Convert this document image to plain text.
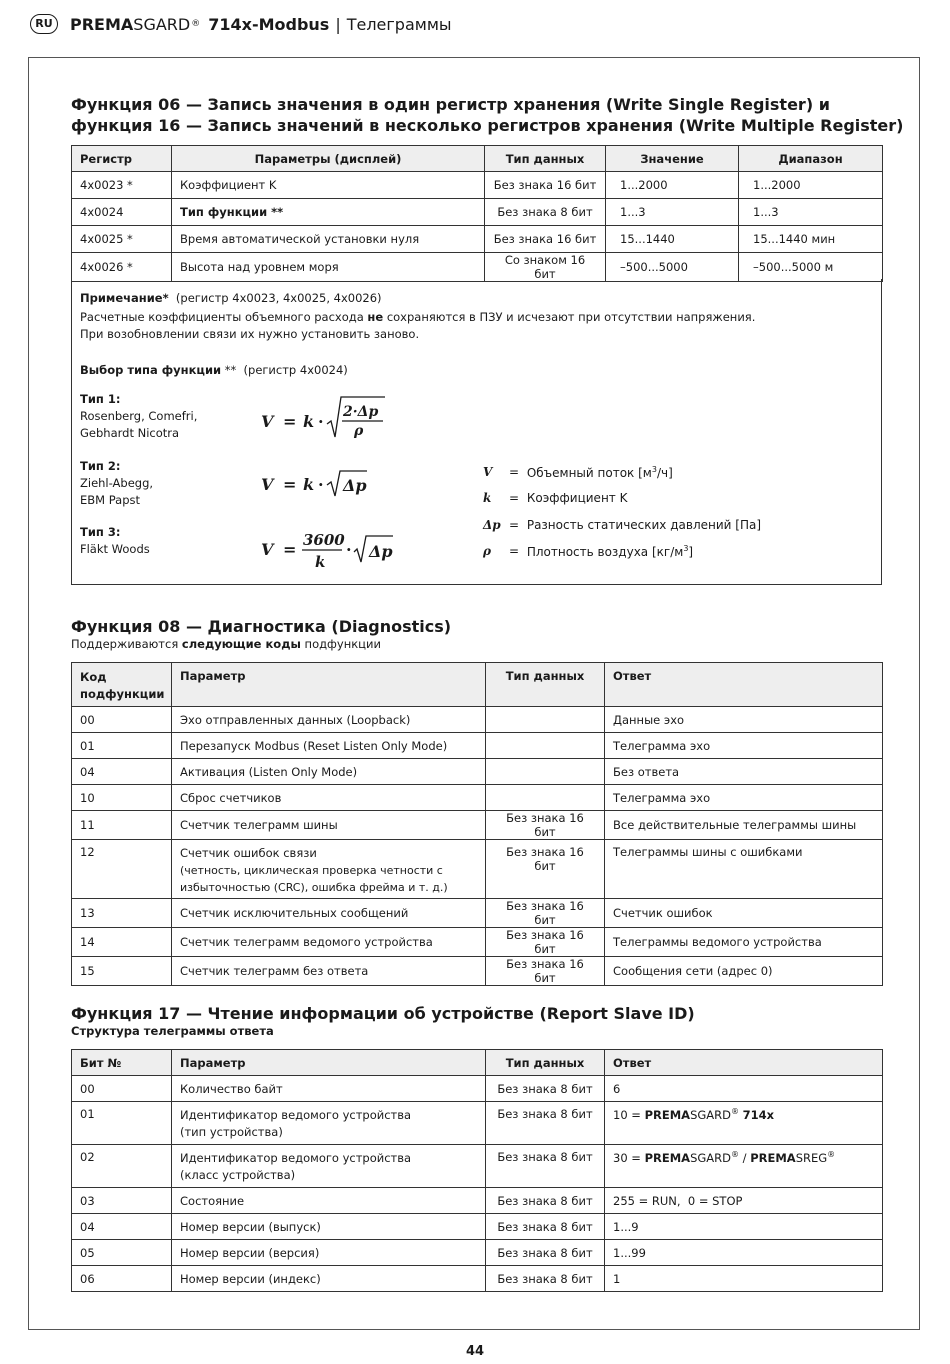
RU	PREMA SGARD ® 714x-Modbus | Телеграммы
Функция 06 — Запись значения в один регистр хранения (Write Single Register) и
функция 16 — Запись значений в несколько регистров хранения (Write Multiple Register)
Регистр	Параметры (дисплей)	Тип данных	Значение	Диапазон
4x0023 *	Коэффициент K	Без знака 16 бит	1...2000	1...2000
4x0024	Тип функции **	Без знака 8 бит	1...3	1...3
4x0025 *	Время автоматической установки нуля	Без знака 16 бит	15...1440	15...1440 мин
4x0026 *	Высота над уровнем моря	Со знаком 16 бит	–500...5000	–500...5000 м
Примечание* (регистр 4x0023, 4x0025, 4x0026)
Расчетные коэффициенты объемного расхода не сохраняются в ПЗУ и исчезают при отсутствии напряжения.
При возобновлении связи их нужно установить заново.
Выбор типа функции ** (регистр 4x0024)
Тип 1:
Rosenberg, Comefri,
Gebhardt Nicotra
Тип 2:
Ziehl-Abegg,
EBM Papst
Тип 3:
Fläkt Woods
V = k · 2·Δp
ρ
V = k · Δp
V = 3600
k
· Δp
V	= Объемный поток $[м^3/ч]$
k	= Коэффициент K
Δp = Разность статических давлений [Па]
ρ	= Плотность воздуха $[кг/м^3]$
Функция 08 — Диагностика (Diagnostics)
Поддерживаются следующие коды подфункции
Код
подфункции	Параметр	Тип данных	Ответ
00	Эхо отправленных данных (Loopback)		Данные эхо
01	Перезапуск Modbus (Reset Listen Only Mode)		Телеграмма эхо
04	Активация (Listen Only Mode)		Без ответа
10	Сброс счетчиков		Телеграмма эхо
11	Счетчик телеграмм шины	Без знака 16 бит	Все действительные телеграммы шины
12	Счетчик ошибок связи
(четность, циклическая проверка четности с
избыточностью (CRC), ошибка фрейма и т. д.)	Без знака 16 бит	Телеграммы шины с ошибками
13	Счетчик исключительных сообщений	Без знака 16 бит	Счетчик ошибок
14	Счетчик телеграмм ведомого устройства	Без знака 16 бит	Телеграммы ведомого устройства
15	Счетчик телеграмм без ответа	Без знака 16 бит	Сообщения сети (адрес 0)
Функция 17 — Чтение информации об устройстве (Report Slave ID)
Структура телеграммы ответа
Бит №	Параметр	Тип данных	Ответ
00	Количество байт	Без знака 8 бит	6
01	Идентификатор ведомого устройства
(тип устройства)	Без знака 8 бит	10 = PREMASGARD® 714x
02	Идентификатор ведомого устройства
(класс устройства)	Без знака 8 бит	30 = PREMASGARD® / PREMASREG®
03	Состояние	Без знака 8 бит	255 = RUN,  0 = STOP
04	Номер версии (выпуск)	Без знака 8 бит	1...9
05	Номер версии (версия)	Без знака 8 бит	1...99
06	Номер версии (индекс)	Без знака 8 бит	1
44
